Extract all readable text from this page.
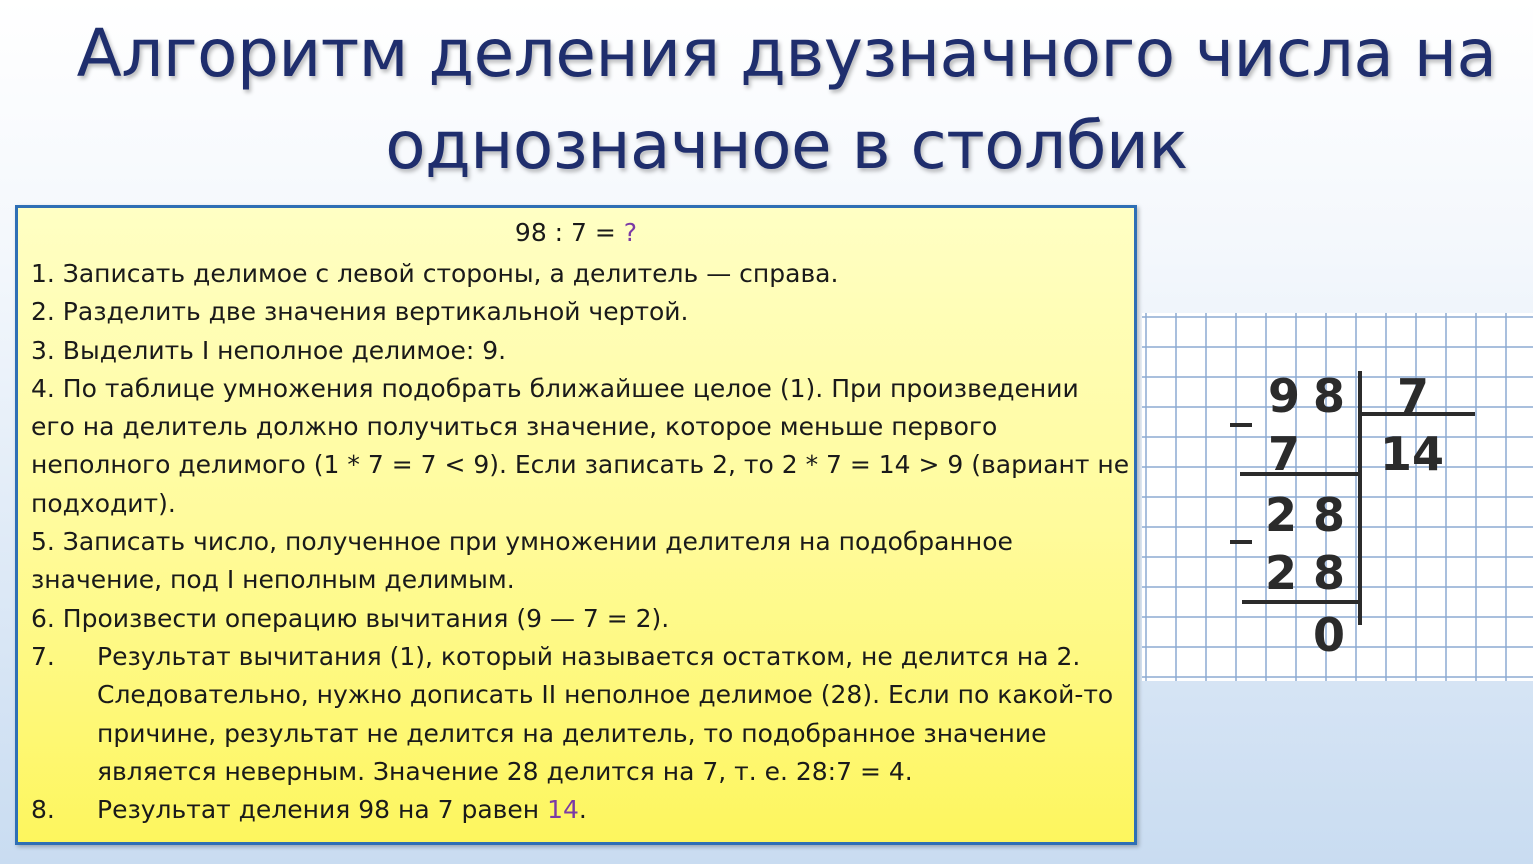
Алгоритм деления двузначного числа на однозначное в столбик
98 : 7 = ?

1. Записать делимое с левой стороны, а делитель — справа.

2. Разделить две значения вертикальной чертой.

3. Выделить I неполное делимое: 9.

4. По таблице умножения подобрать ближайшее целое (1). При произведении

его на делитель должно получиться значение, которое меньше первого

неполного делимого (1 * 7 = 7 < 9). Если записать 2, то 2 * 7 = 14 > 9 (вариант не

подходит).

5. Записать число, полученное при умножении делителя на подобранное

значение, под I неполным делимым.

6. Произвести операцию вычитания (9 — 7 = 2).

7.	Результат вычитания (1), который называется остатком, не делится на 2. Следовательно, нужно дописать II неполное делимое (28). Если по какой-то причине, результат не делится на делитель, то подобранное значение является неверным. Значение 28 делится на 7, т. е. 28:7 = 4.
8.	Результат деления 98 на 7 равен 14.
9 8 7
7 14
2 8
2 8
0
